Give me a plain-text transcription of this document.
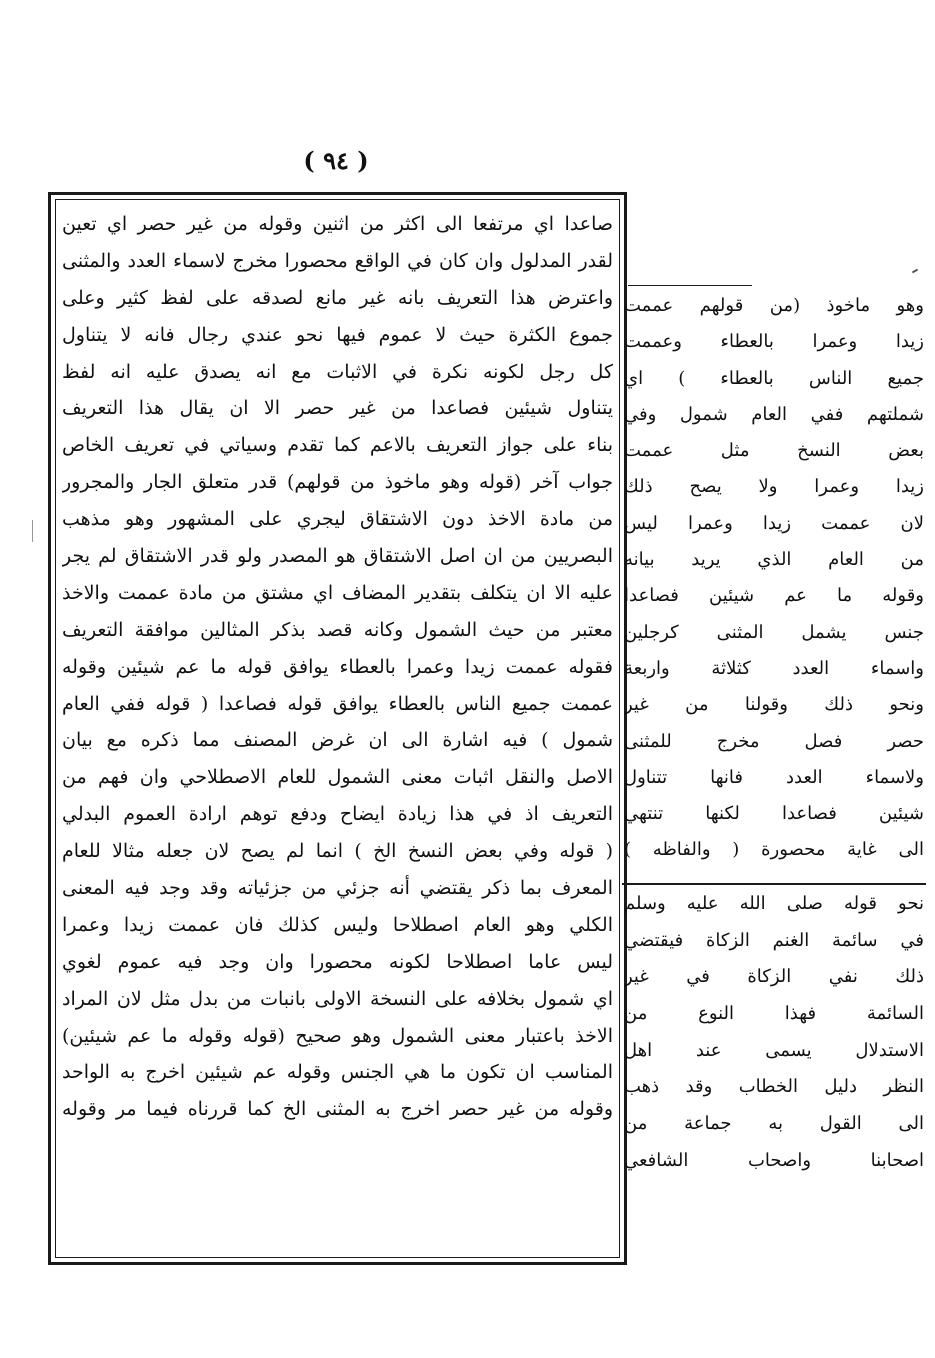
( ٩٤ )
صاعدا اي مرتفعا الى اكثر من اثنين وقوله من غير حصر اي تعين
لقدر المدلول وان كان في الواقع محصورا مخرج لاسماء العدد والمثنى
واعترض هذا التعريف بانه غير مانع لصدقه على لفظ كثير وعلى
جموع الكثرة حيث لا عموم فيها نحو عندي رجال فانه لا يتناول
كل رجل لكونه نكرة في الاثبات مع انه يصدق عليه انه لفظ
يتناول شيئين فصاعدا من غير حصر الا ان يقال هذا التعريف
بناء على جواز التعريف بالاعم كما تقدم وسياتي في تعريف الخاص
جواب آخر (قوله وهو ماخوذ من قولهم) قدر متعلق الجار والمجرور
من مادة الاخذ دون الاشتقاق ليجري على المشهور وهو مذهب
البصريين من ان اصل الاشتقاق هو المصدر ولو قدر الاشتقاق لم يجر
عليه الا ان يتكلف بتقدير المضاف اي مشتق من مادة عممت والاخذ
معتبر من حيث الشمول وكانه قصد بذكر المثالين موافقة التعريف
فقوله عممت زيدا وعمرا بالعطاء يوافق قوله ما عم شيئين وقوله
عممت جميع الناس بالعطاء يوافق قوله فصاعدا ( قوله ففي العام
شمول ) فيه اشارة الى ان غرض المصنف مما ذكره مع بيان
الاصل والنقل اثبات معنى الشمول للعام الاصطلاحي وان فهم من
التعريف اذ في هذا زيادة ايضاح ودفع توهم ارادة العموم البدلي
( قوله وفي بعض النسخ الخ ) انما لم يصح لان جعله مثالا للعام
المعرف بما ذكر يقتضي أنه جزئي من جزئياته وقد وجد فيه المعنى
الكلي وهو العام اصطلاحا وليس كذلك فان عممت زيدا وعمرا
ليس عاما اصطلاحا لكونه محصورا وان وجد فيه عموم لغوي
اي شمول بخلافه على النسخة الاولى بانبات من بدل مثل لان المراد
الاخذ باعتبار معنى الشمول وهو صحيح (قوله وقوله ما عم شيئين)
المناسب ان تكون ما هي الجنس وقوله عم شيئين اخرج به الواحد
وقوله من غير حصر اخرج به المثنى الخ كما قررناه فيما مر وقوله
وهو ماخوذ (من قولهم عممت
زيدا وعمرا بالعطاء وعممت
جميع الناس بالعطاء ) اي
شملتهم ففي العام شمول وفي
بعض النسخ مثل عممت
زيدا وعمرا ولا يصح ذلك
لان عممت زيدا وعمرا ليس
من العام الذي يريد بيانه
وقوله ما عم شيئين فصاعدا
جنس يشمل المثنى كرجلين
واسماء العدد كثلاثة واربعة
ونحو ذلك وقولنا من غير
حصر فصل مخرج للمثنى
ولاسماء العدد فانها تتناول
شيئين فصاعدا لكنها تنتهي
الى غاية محصورة ( والفاظه )
نحو قوله صلى الله عليه وسلم
في سائمة الغنم الزكاة فيقتضي
ذلك نفي الزكاة في غير
السائمة فهذا النوع من
الاستدلال يسمى عند اهل
النظر دليل الخطاب وقد ذهب
الى القول به جماعة من
اصحابنا واصحاب الشافعي
